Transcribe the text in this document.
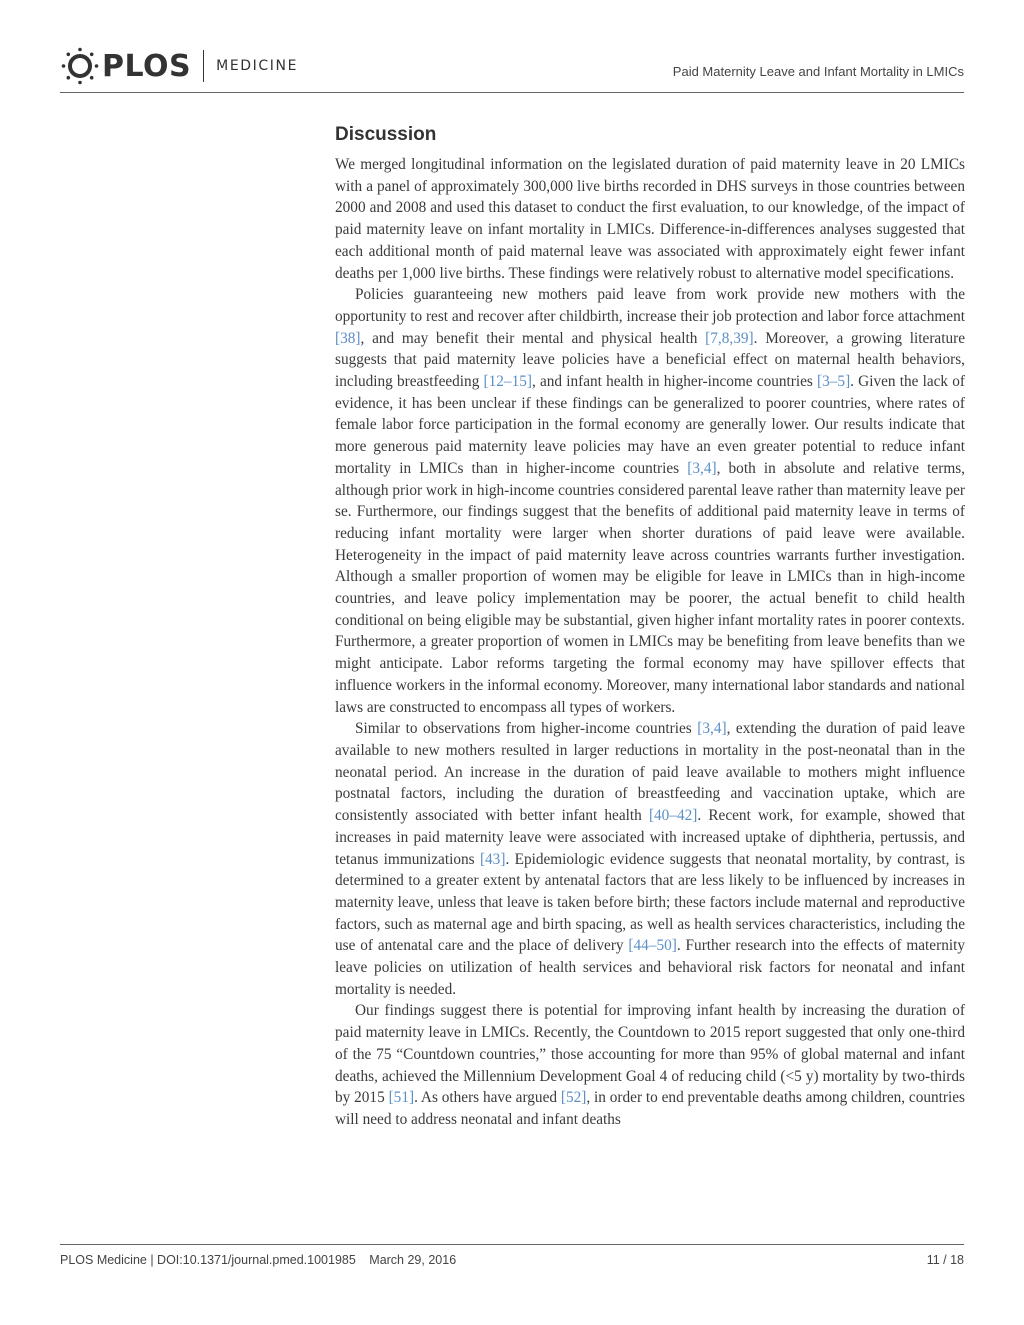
PLOS MEDICINE	Paid Maternity Leave and Infant Mortality in LMICs
Discussion

We merged longitudinal information on the legislated duration of paid maternity leave in 20 LMICs with a panel of approximately 300,000 live births recorded in DHS surveys in those countries between 2000 and 2008 and used this dataset to conduct the first evaluation, to our knowledge, of the impact of paid maternity leave on infant mortality in LMICs. Difference-in-differences analyses suggested that each additional month of paid maternal leave was associated with approximately eight fewer infant deaths per 1,000 live births. These findings were relatively robust to alternative model specifications.

Policies guaranteeing new mothers paid leave from work provide new mothers with the opportunity to rest and recover after childbirth, increase their job protection and labor force attachment [38], and may benefit their mental and physical health [7,8,39]. Moreover, a growing literature suggests that paid maternity leave policies have a beneficial effect on maternal health behaviors, including breastfeeding [12–15], and infant health in higher-income countries [3–5]. Given the lack of evidence, it has been unclear if these findings can be generalized to poorer countries, where rates of female labor force participation in the formal economy are generally lower. Our results indicate that more generous paid maternity leave policies may have an even greater potential to reduce infant mortality in LMICs than in higher-income countries [3,4], both in absolute and relative terms, although prior work in high-income countries considered parental leave rather than maternity leave per se. Furthermore, our findings suggest that the benefits of additional paid maternity leave in terms of reducing infant mortality were larger when shorter durations of paid leave were available. Heterogeneity in the impact of paid maternity leave across countries warrants further investigation. Although a smaller proportion of women may be eligible for leave in LMICs than in high-income countries, and leave policy implementation may be poorer, the actual benefit to child health conditional on being eligible may be substantial, given higher infant mortality rates in poorer contexts. Furthermore, a greater proportion of women in LMICs may be benefiting from leave benefits than we might anticipate. Labor reforms targeting the formal economy may have spillover effects that influence workers in the informal economy. Moreover, many international labor standards and national laws are constructed to encompass all types of workers.

Similar to observations from higher-income countries [3,4], extending the duration of paid leave available to new mothers resulted in larger reductions in mortality in the post-neonatal than in the neonatal period. An increase in the duration of paid leave available to mothers might influence postnatal factors, including the duration of breastfeeding and vaccination uptake, which are consistently associated with better infant health [40–42]. Recent work, for example, showed that increases in paid maternity leave were associated with increased uptake of diphtheria, pertussis, and tetanus immunizations [43]. Epidemiologic evidence suggests that neonatal mortality, by contrast, is determined to a greater extent by antenatal factors that are less likely to be influenced by increases in maternity leave, unless that leave is taken before birth; these factors include maternal and reproductive factors, such as maternal age and birth spacing, as well as health services characteristics, including the use of antenatal care and the place of delivery [44–50]. Further research into the effects of maternity leave policies on utilization of health services and behavioral risk factors for neonatal and infant mortality is needed.

Our findings suggest there is potential for improving infant health by increasing the duration of paid maternity leave in LMICs. Recently, the Countdown to 2015 report suggested that only one-third of the 75 “Countdown countries,” those accounting for more than 95% of global maternal and infant deaths, achieved the Millennium Development Goal 4 of reducing child (<5 y) mortality by two-thirds by 2015 [51]. As others have argued [52], in order to end preventable deaths among children, countries will need to address neonatal and infant deaths

PLOS Medicine | DOI:10.1371/journal.pmed.1001985 March 29, 2016	11 / 18
